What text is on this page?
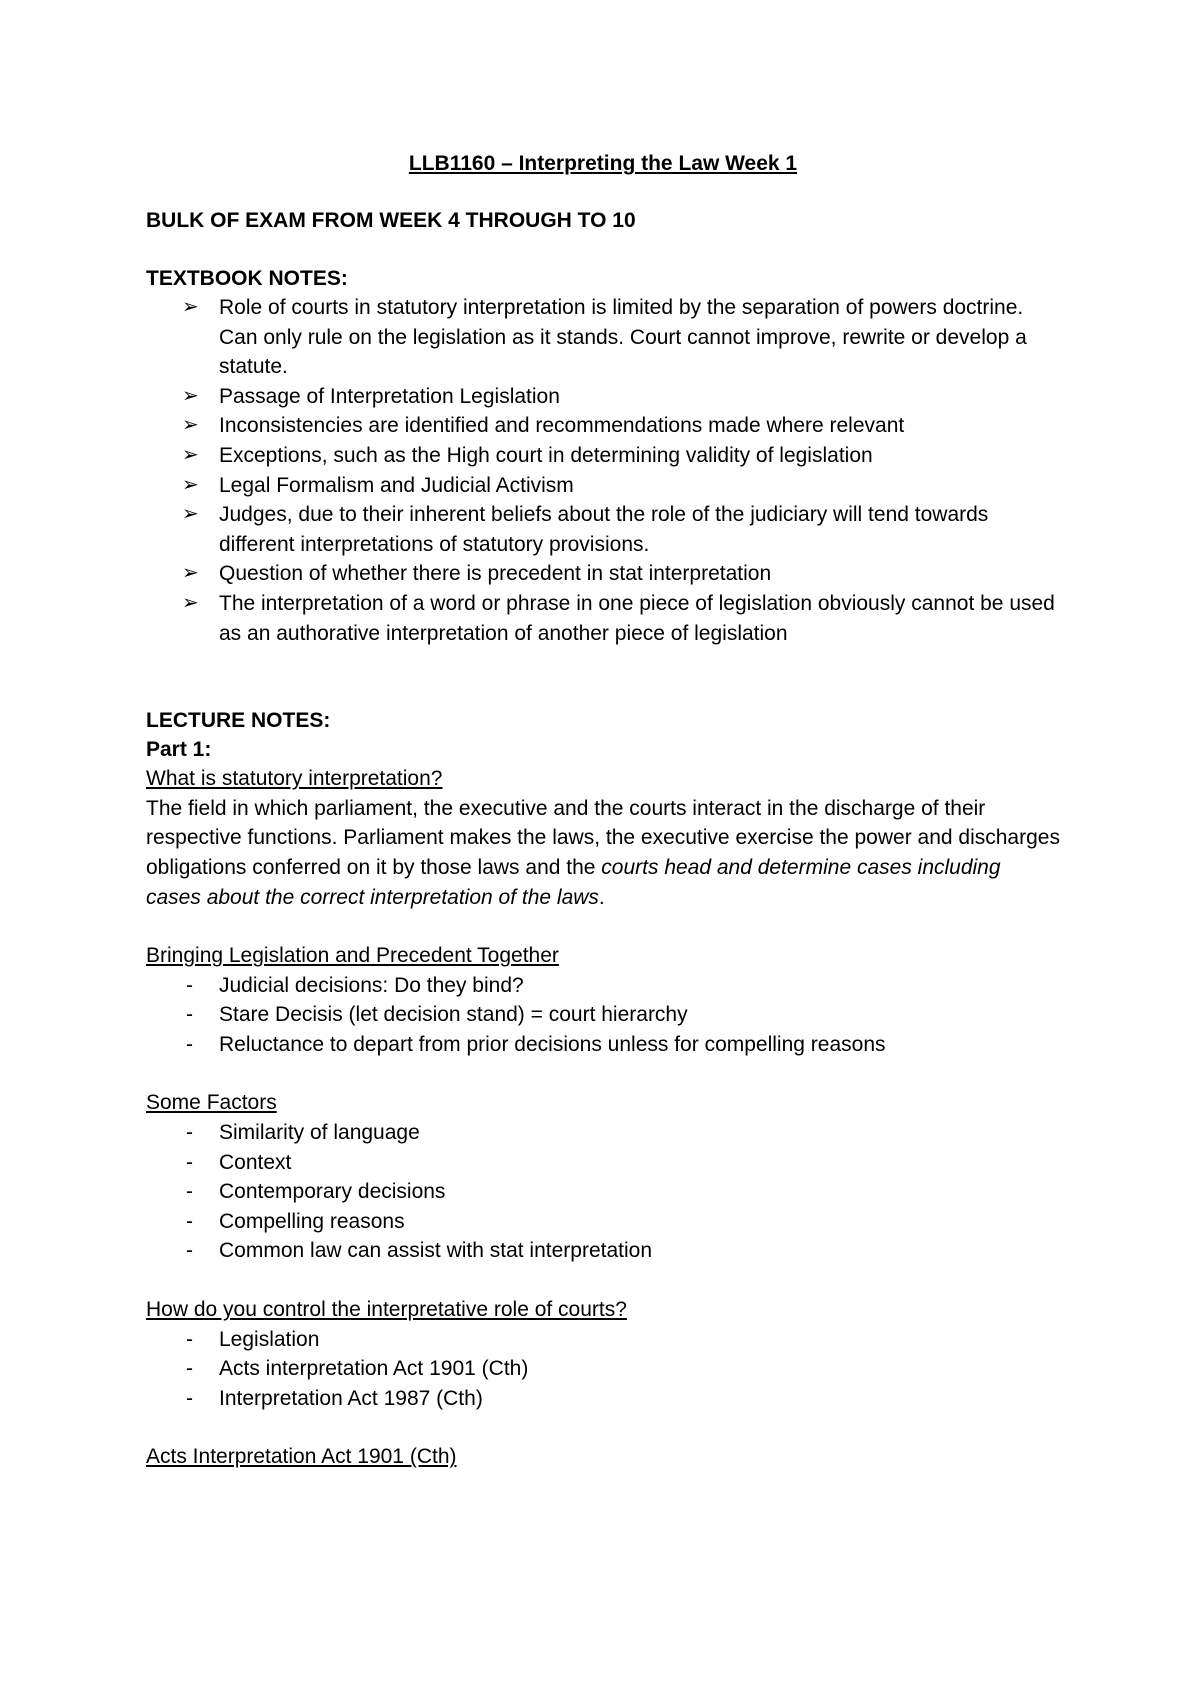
LLB1160 – Interpreting the Law Week 1

BULK OF EXAM FROM WEEK 4 THROUGH TO 10

TEXTBOOK NOTES:

➢ Role of courts in statutory interpretation is limited by the separation of powers doctrine. Can only rule on the legislation as it stands. Court cannot improve, rewrite or develop a statute.
➢ Passage of Interpretation Legislation
➢ Inconsistencies are identified and recommendations made where relevant
➢ Exceptions, such as the High court in determining validity of legislation
➢ Legal Formalism and Judicial Activism
➢ Judges, due to their inherent beliefs about the role of the judiciary will tend towards different interpretations of statutory provisions.
➢ Question of whether there is precedent in stat interpretation
➢ The interpretation of a word or phrase in one piece of legislation obviously cannot be used as an authorative interpretation of another piece of legislation

LECTURE NOTES:

Part 1:

What is statutory interpretation?

The field in which parliament, the executive and the courts interact in the discharge of their respective functions. Parliament makes the laws, the executive exercise the power and discharges obligations conferred on it by those laws and the courts head and determine cases including cases about the correct interpretation of the laws.

Bringing Legislation and Precedent Together

-	Judicial decisions: Do they bind?
-	Stare Decisis (let decision stand) = court hierarchy
-	Reluctance to depart from prior decisions unless for compelling reasons

Some Factors

-	Similarity of language
-	Context
-	Contemporary decisions
-	Compelling reasons
-	Common law can assist with stat interpretation

How do you control the interpretative role of courts?

-	Legislation
-	Acts interpretation Act 1901 (Cth)
-	Interpretation Act 1987 (Cth)

Acts Interpretation Act 1901 (Cth)
